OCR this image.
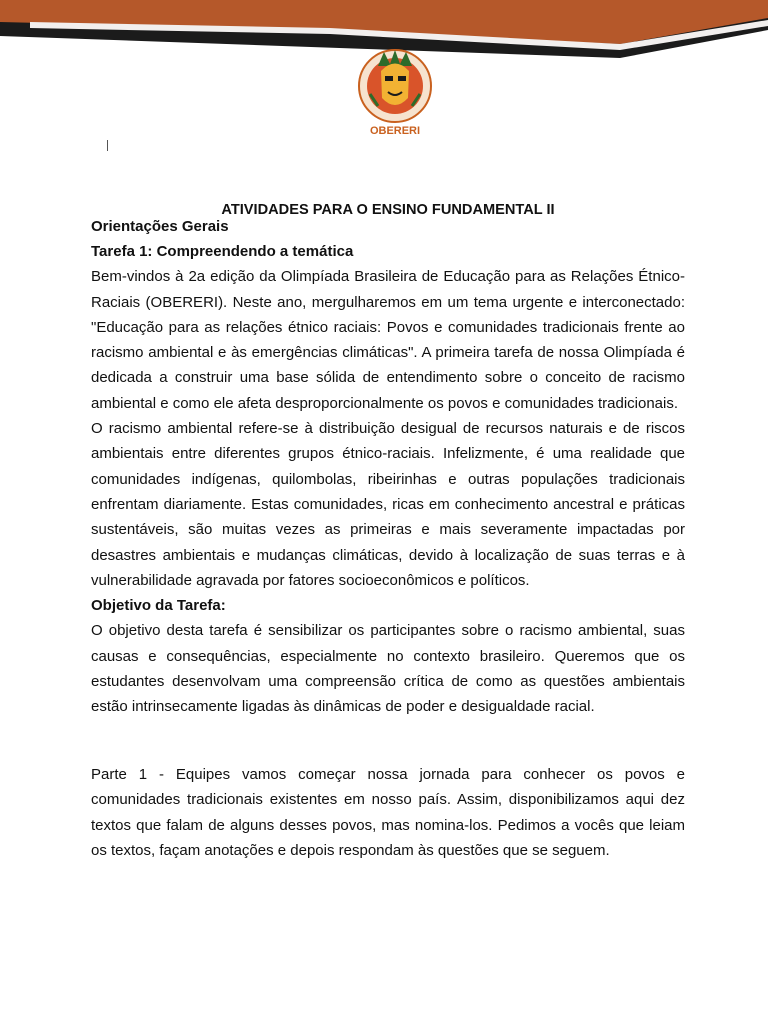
OBERERI
ATIVIDADES PARA O ENSINO FUNDAMENTAL II

Orientações Gerais

Tarefa 1: Compreendendo a temática

Bem-vindos à 2a edição da Olimpíada Brasileira de Educação para as Relações Étnico-Raciais (OBERERI). Neste ano, mergulharemos em um tema urgente e interconectado: "Educação para as relações étnico raciais: Povos e comunidades tradicionais frente ao racismo ambiental e às emergências climáticas". A primeira tarefa de nossa Olimpíada é dedicada a construir uma base sólida de entendimento sobre o conceito de racismo ambiental e como ele afeta desproporcionalmente os povos e comunidades tradicionais.

O racismo ambiental refere-se à distribuição desigual de recursos naturais e de riscos ambientais entre diferentes grupos étnico-raciais. Infelizmente, é uma realidade que comunidades indígenas, quilombolas, ribeirinhas e outras populações tradicionais enfrentam diariamente. Estas comunidades, ricas em conhecimento ancestral e práticas sustentáveis, são muitas vezes as primeiras e mais severamente impactadas por desastres ambientais e mudanças climáticas, devido à localização de suas terras e à vulnerabilidade agravada por fatores socioeconômicos e políticos.

Objetivo da Tarefa:

O objetivo desta tarefa é sensibilizar os participantes sobre o racismo ambiental, suas causas e consequências, especialmente no contexto brasileiro. Queremos que os estudantes desenvolvam uma compreensão crítica de como as questões ambientais estão intrinsecamente ligadas às dinâmicas de poder e desigualdade racial.

Parte 1 - Equipes vamos começar nossa jornada para conhecer os povos e comunidades tradicionais existentes em nosso país. Assim, disponibilizamos aqui dez textos que falam de alguns desses povos, mas nomina-los. Pedimos a vocês que leiam os textos, façam anotações e depois respondam às questões que se seguem.
